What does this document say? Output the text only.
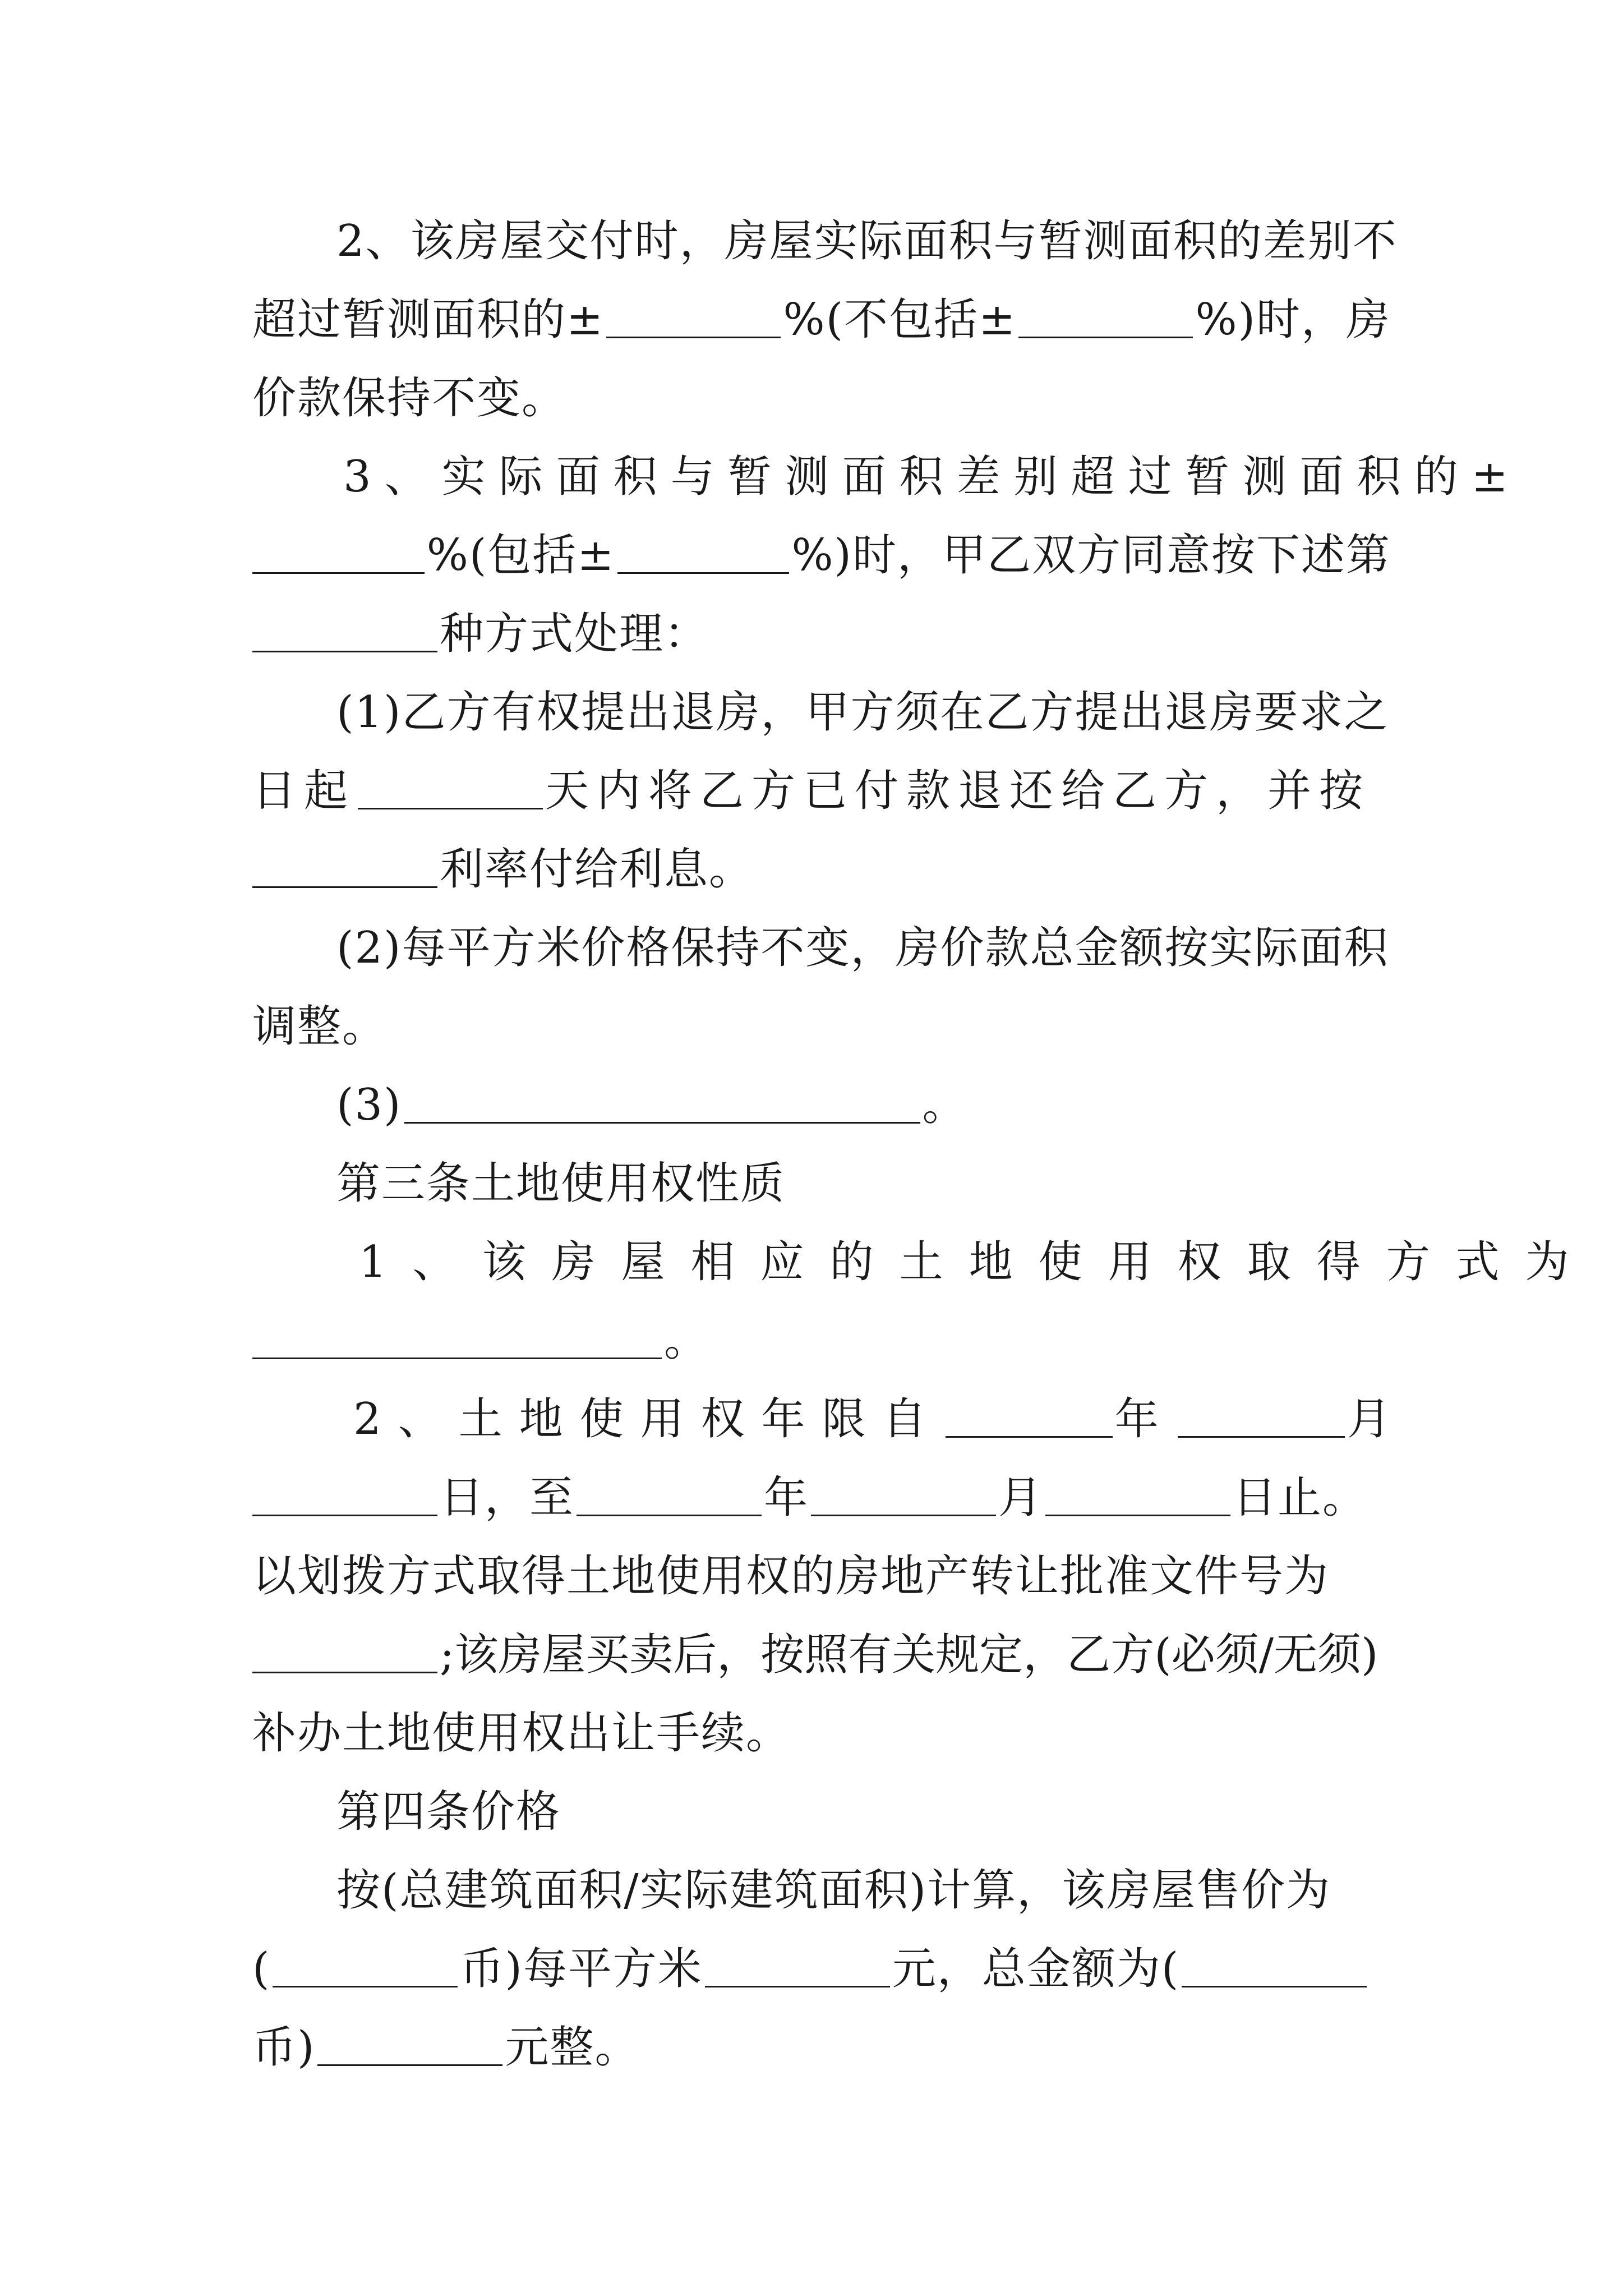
2、该房屋交付时，房屋实际面积与暂测面积的差别不
超过暂测面积的±	%(不包括±	%)时，房
价款保持不变。
3、实际面积与暂测面积差别超过暂测面积的±
%(包括±	%)时，甲乙双方同意按下述第
种方式处理：
(1)乙方有权提出退房，甲方须在乙方提出退房要求之
日起	天内将乙方已付款退还给乙方，并按
利率付给利息。
(2)每平方米价格保持不变，房价款总金额按实际面积
调整。
(3)	。
第三条土地使用权性质
1、该房屋相应的土地使用权取得方式为
。
2、土地使用权年限自	年	月
日，至	年	月	日止。
以划拨方式取得土地使用权的房地产转让批准文件号为
;该房屋买卖后，按照有关规定，乙方(必须/无须)
补办土地使用权出让手续。
第四条价格
按(总建筑面积/实际建筑面积)计算，该房屋售价为
(	币)每平方米	元，总金额为(
币)	元整。
